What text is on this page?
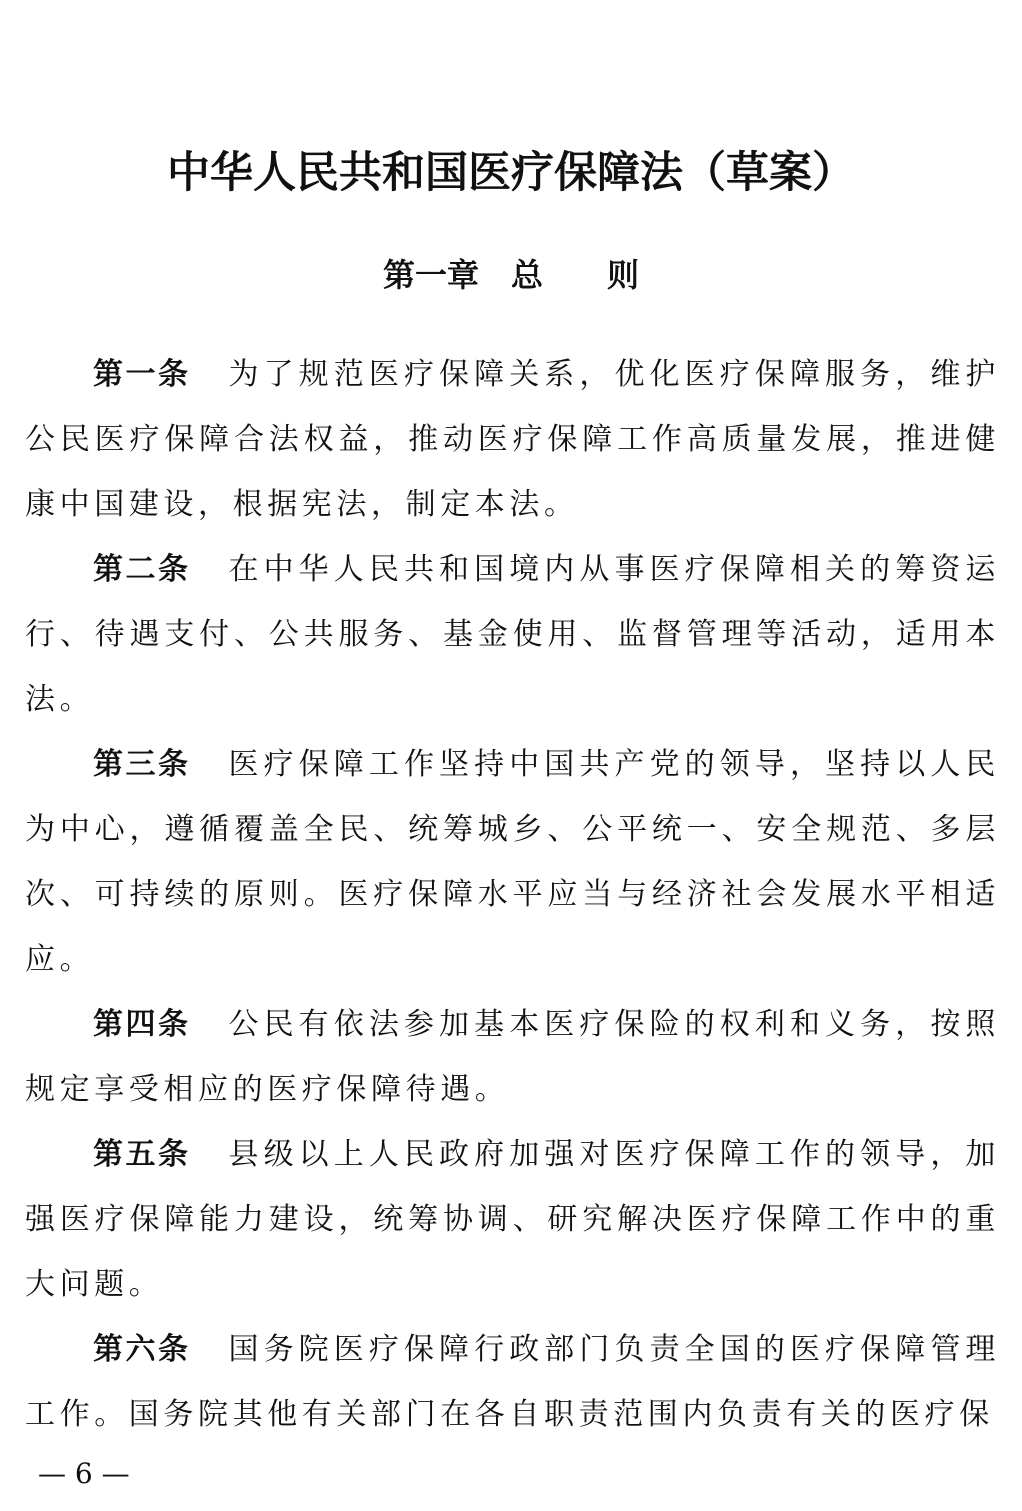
中华人民共和国医疗保障法（草案）
第一章　总　　则

第一条 为了规范医疗保障关系，优化医疗保障服务，维护公民医疗保障合法权益，推动医疗保障工作高质量发展，推进健康中国建设，根据宪法，制定本法。

第二条 在中华人民共和国境内从事医疗保障相关的筹资运行、待遇支付、公共服务、基金使用、监督管理等活动，适用本法。

第三条 医疗保障工作坚持中国共产党的领导，坚持以人民为中心，遵循覆盖全民、统筹城乡、公平统一、安全规范、多层次、可持续的原则。医疗保障水平应当与经济社会发展水平相适应。

第四条 公民有依法参加基本医疗保险的权利和义务，按照规定享受相应的医疗保障待遇。

第五条 县级以上人民政府加强对医疗保障工作的领导，加强医疗保障能力建设，统筹协调、研究解决医疗保障工作中的重大问题。

第六条 国务院医疗保障行政部门负责全国的医疗保障管理工作。国务院其他有关部门在各自职责范围内负责有关的医疗保

— 6 —
